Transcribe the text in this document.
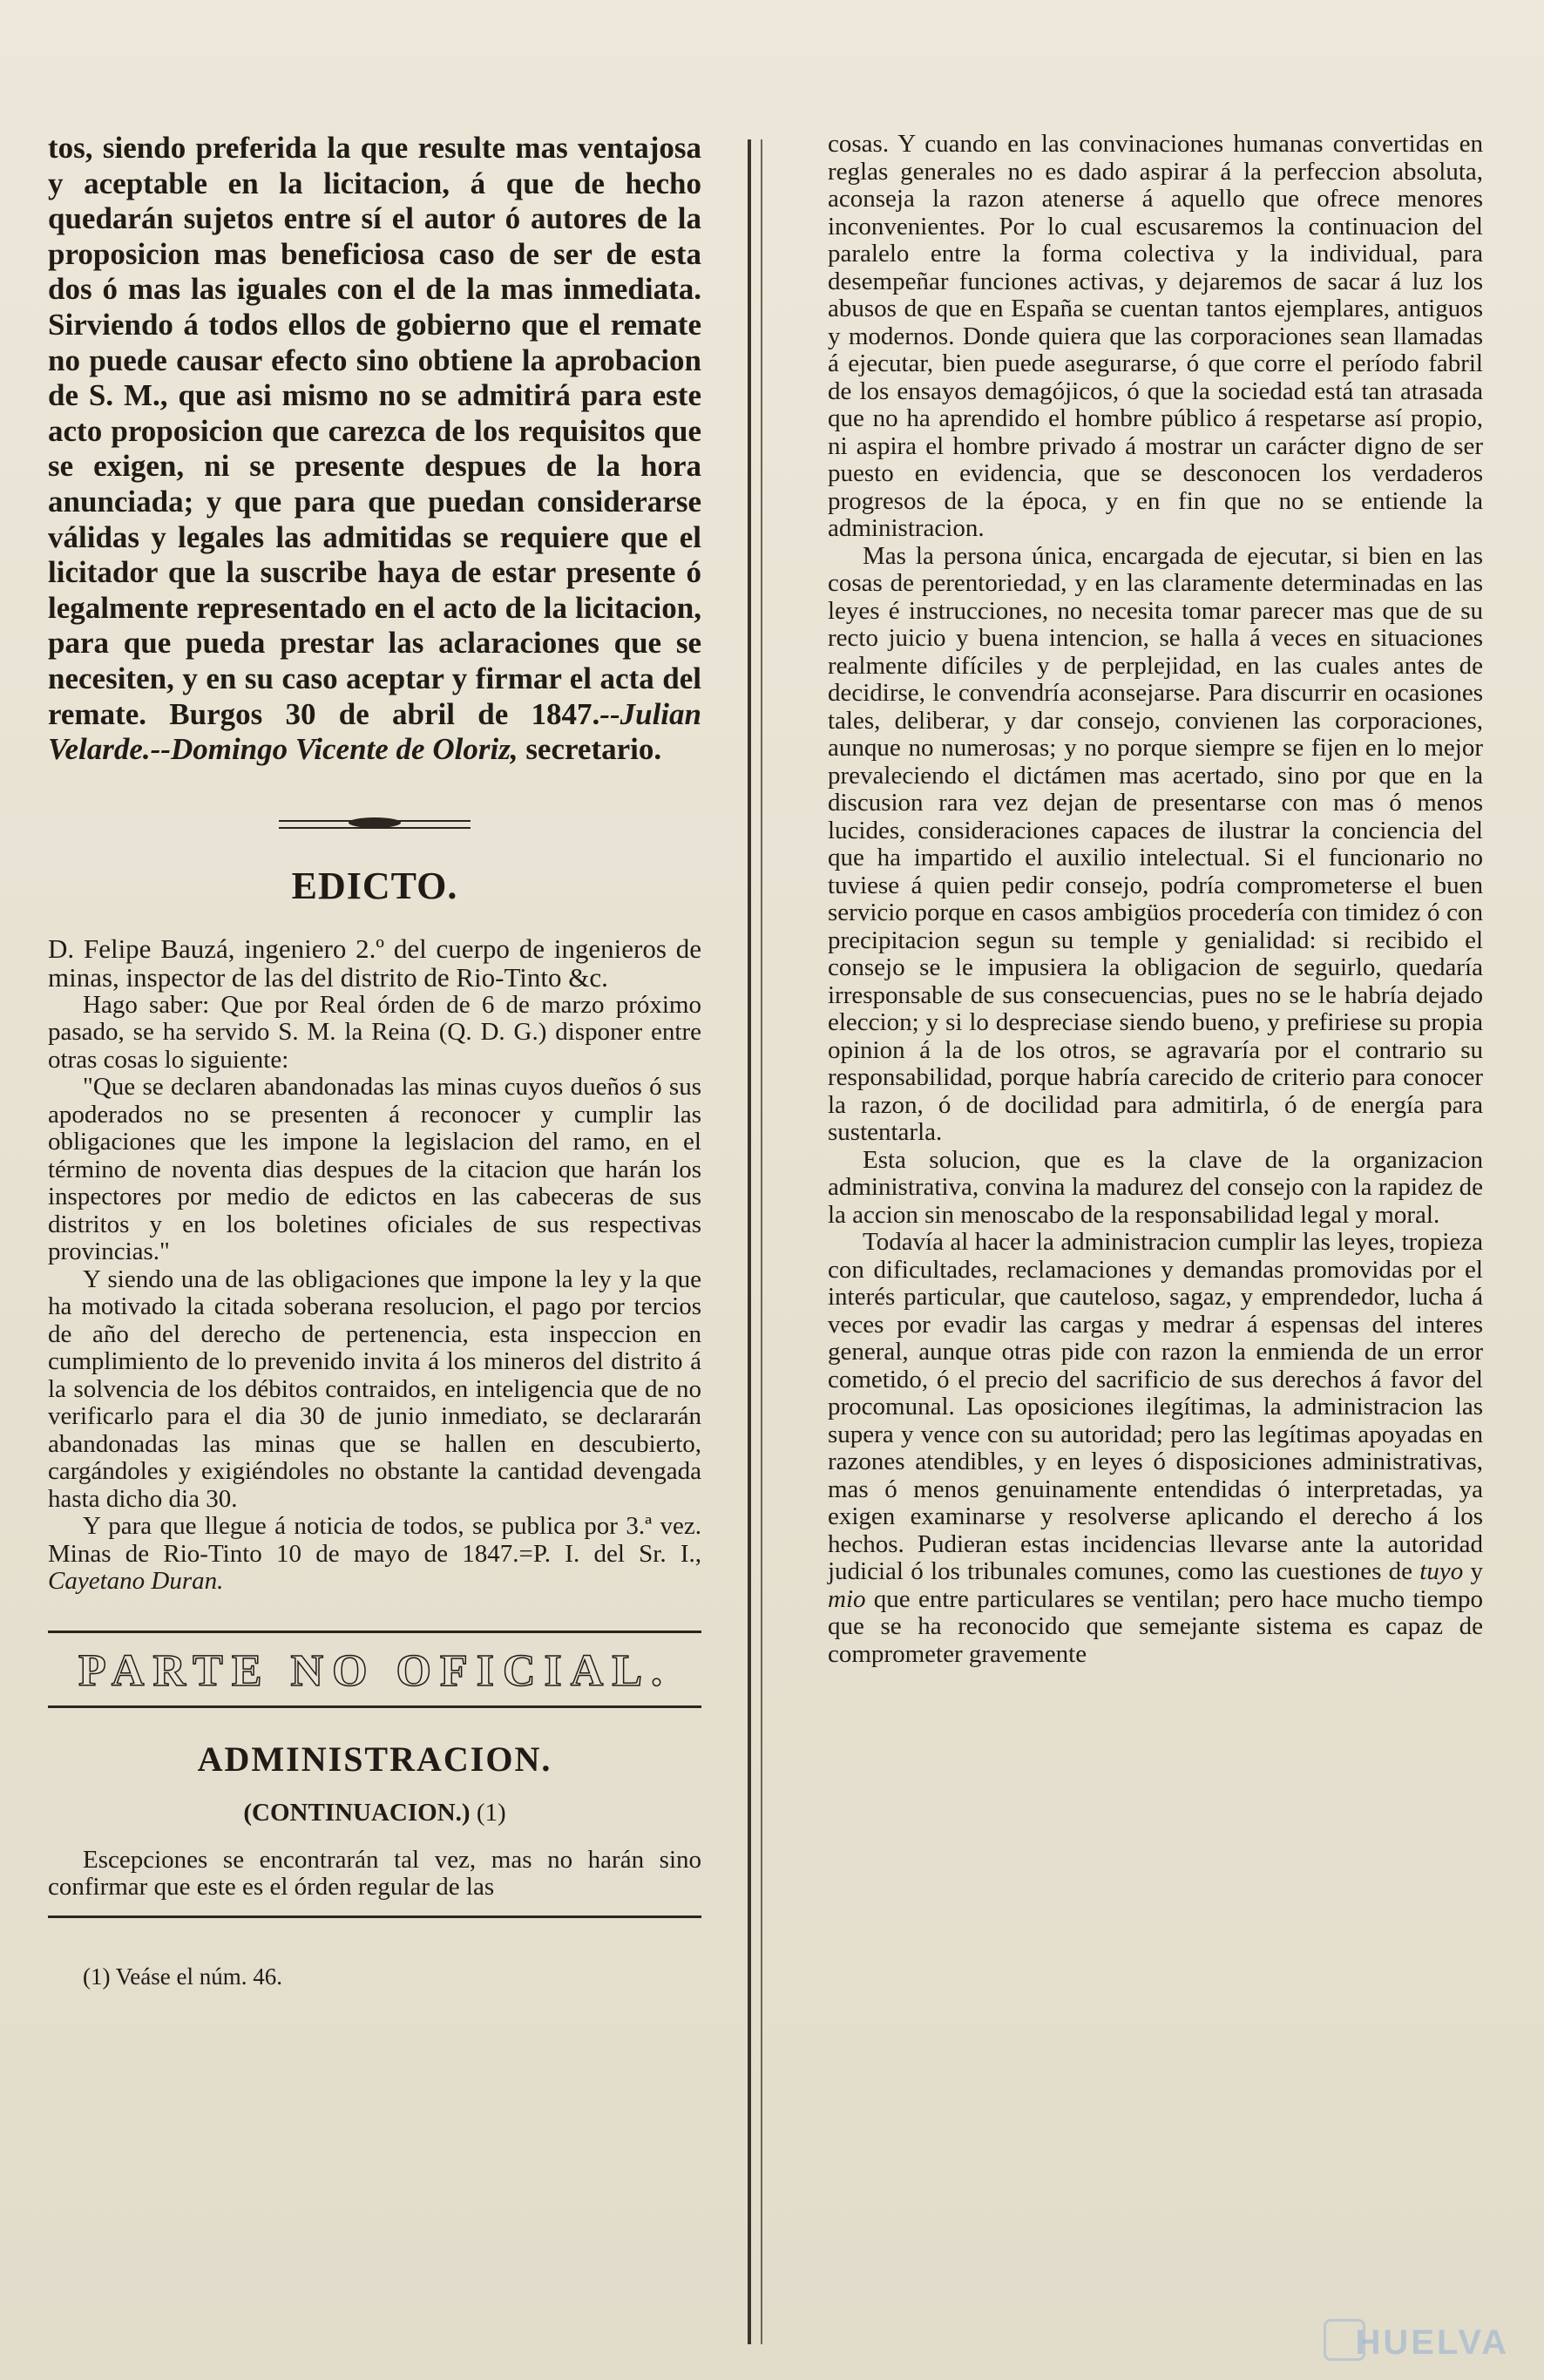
tos, siendo preferida la que resulte mas ventajosa y aceptable en la licitacion, á que de hecho quedarán sujetos entre sí el autor ó autores de la proposicion mas beneficiosa caso de ser de esta dos ó mas las iguales con el de la mas inmediata. Sirviendo á todos ellos de gobierno que el remate no puede causar efecto sino obtiene la aprobacion de S. M., que asi mismo no se admitirá para este acto proposicion que carezca de los requisitos que se exigen, ni se presente despues de la hora anunciada; y que para que puedan considerarse válidas y legales las admitidas se requiere que el licitador que la suscribe haya de estar presente ó legalmente representado en el acto de la licitacion, para que pueda prestar las aclaraciones que se necesiten, y en su caso aceptar y firmar el acta del remate. Burgos 30 de abril de 1847.--Julian Velarde.--Domingo Vicente de Oloriz, secretario.

EDICTO.

D. Felipe Bauzá, ingeniero 2.º del cuerpo de ingenieros de minas, inspector de las del distrito de Rio-Tinto &c.

Hago saber: Que por Real órden de 6 de marzo próximo pasado, se ha servido S. M. la Reina (Q. D. G.) disponer entre otras cosas lo siguiente:

"Que se declaren abandonadas las minas cuyos dueños ó sus apoderados no se presenten á reconocer y cumplir las obligaciones que les impone la legislacion del ramo, en el término de noventa dias despues de la citacion que harán los inspectores por medio de edictos en las cabeceras de sus distritos y en los boletines oficiales de sus respectivas provincias."

Y siendo una de las obligaciones que impone la ley y la que ha motivado la citada soberana resolucion, el pago por tercios de año del derecho de pertenencia, esta inspeccion en cumplimiento de lo prevenido invita á los mineros del distrito á la solvencia de los débitos contraidos, en inteligencia que de no verificarlo para el dia 30 de junio inmediato, se declararán abandonadas las minas que se hallen en descubierto, cargándoles y exigiéndoles no obstante la cantidad devengada hasta dicho dia 30.

Y para que llegue á noticia de todos, se publica por 3.ª vez. Minas de Rio-Tinto 10 de mayo de 1847.=P. I. del Sr. I., Cayetano Duran.

PARTE NO OFICIAL.
ADMINISTRACION.
(CONTINUACION.) (1)

Escepciones se encontrarán tal vez, mas no harán sino confirmar que este es el órden regular de las

(1) Veáse el núm. 46.

cosas. Y cuando en las convinaciones humanas convertidas en reglas generales no es dado aspirar á la perfeccion absoluta, aconseja la razon atenerse á aquello que ofrece menores inconvenientes. Por lo cual escusaremos la continuacion del paralelo entre la forma colectiva y la individual, para desempeñar funciones activas, y dejaremos de sacar á luz los abusos de que en España se cuentan tantos ejemplares, antiguos y modernos. Donde quiera que las corporaciones sean llamadas á ejecutar, bien puede asegurarse, ó que corre el período fabril de los ensayos demagójicos, ó que la sociedad está tan atrasada que no ha aprendido el hombre público á respetarse así propio, ni aspira el hombre privado á mostrar un carácter digno de ser puesto en evidencia, que se desconocen los verdaderos progresos de la época, y en fin que no se entiende la administracion.

Mas la persona única, encargada de ejecutar, si bien en las cosas de perentoriedad, y en las claramente determinadas en las leyes é instrucciones, no necesita tomar parecer mas que de su recto juicio y buena intencion, se halla á veces en situaciones realmente difíciles y de perplejidad, en las cuales antes de decidirse, le convendría aconsejarse. Para discurrir en ocasiones tales, deliberar, y dar consejo, convienen las corporaciones, aunque no numerosas; y no porque siempre se fijen en lo mejor prevaleciendo el dictámen mas acertado, sino por que en la discusion rara vez dejan de presentarse con mas ó menos lucides, consideraciones capaces de ilustrar la conciencia del que ha impartido el auxilio intelectual. Si el funcionario no tuviese á quien pedir consejo, podría comprometerse el buen servicio porque en casos ambigüos procedería con timidez ó con precipitacion segun su temple y genialidad: si recibido el consejo se le impusiera la obligacion de seguirlo, quedaría irresponsable de sus consecuencias, pues no se le habría dejado eleccion; y si lo despreciase siendo bueno, y prefiriese su propia opinion á la de los otros, se agravaría por el contrario su responsabilidad, porque habría carecido de criterio para conocer la razon, ó de docilidad para admitirla, ó de energía para sustentarla.

Esta solucion, que es la clave de la organizacion administrativa, convina la madurez del consejo con la rapidez de la accion sin menoscabo de la responsabilidad legal y moral.

Todavía al hacer la administracion cumplir las leyes, tropieza con dificultades, reclamaciones y demandas promovidas por el interés particular, que cauteloso, sagaz, y emprendedor, lucha á veces por evadir las cargas y medrar á espensas del interes general, aunque otras pide con razon la enmienda de un error cometido, ó el precio del sacrificio de sus derechos á favor del procomunal. Las oposiciones ilegítimas, la administracion las supera y vence con su autoridad; pero las legítimas apoyadas en razones atendibles, y en leyes ó disposiciones administrativas, mas ó menos genuinamente entendidas ó interpretadas, ya exigen examinarse y resolverse aplicando el derecho á los hechos. Pudieran estas incidencias llevarse ante la autoridad judicial ó los tribunales comunes, como las cuestiones de tuyo y mio que entre particulares se ventilan; pero hace mucho tiempo que se ha reconocido que semejante sistema es capaz de comprometer gravemente

HUELVA
